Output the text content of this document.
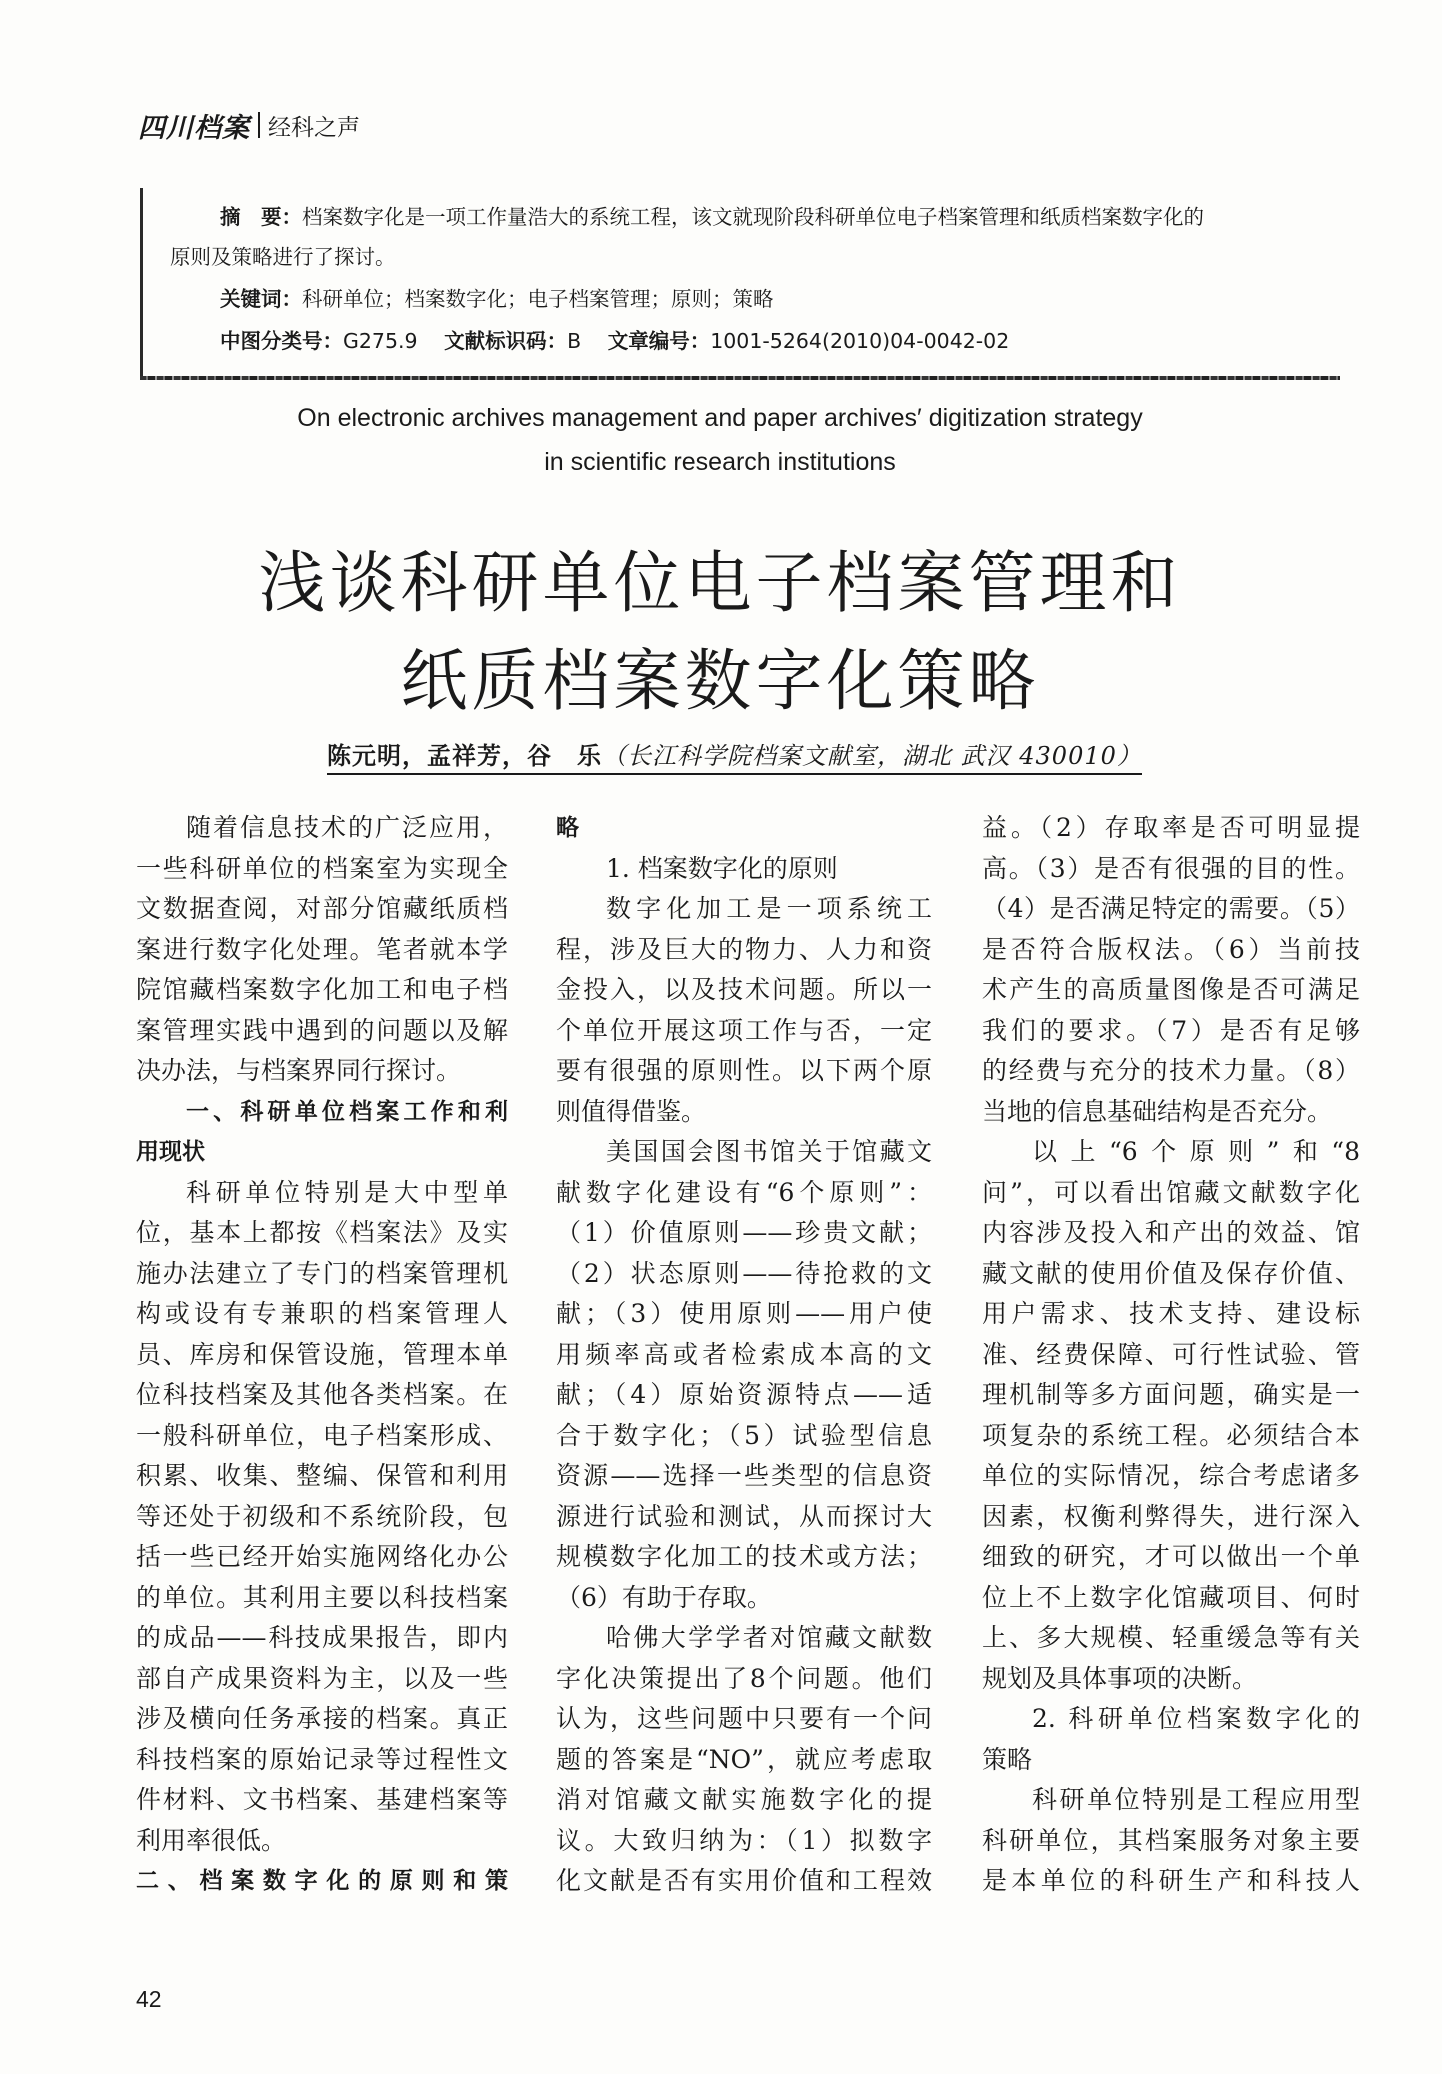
四川档案 经科之声
摘　要：档案数字化是一项工作量浩大的系统工程，该文就现阶段科研单位电子档案管理和纸质档案数字化的
原则及策略进行了探讨。
关键词：科研单位；档案数字化；电子档案管理；原则；策略
中图分类号：G275.9 文献标识码：B 文章编号：1001-5264(2010)04-0042-02
On electronic archives management and paper archives′ digitization strategy
in scientific research institutions
浅谈科研单位电子档案管理和
纸质档案数字化策略
陈元明，孟祥芳，谷　乐（长江科学院档案文献室，湖北 武汉 430010）
随着信息技术的广泛应用，
一些科研单位的档案室为实现全
文数据查阅，对部分馆藏纸质档
案进行数字化处理。笔者就本学
院馆藏档案数字化加工和电子档
案管理实践中遇到的问题以及解
决办法，与档案界同行探讨。
一、科研单位档案工作和利
用现状
科研单位特别是大中型单
位，基本上都按《档案法》及实
施办法建立了专门的档案管理机
构或设有专兼职的档案管理人
员、库房和保管设施，管理本单
位科技档案及其他各类档案。在
一般科研单位，电子档案形成、
积累、收集、整编、保管和利用
等还处于初级和不系统阶段，包
括一些已经开始实施网络化办公
的单位。其利用主要以科技档案
的成品——科技成果报告，即内
部自产成果资料为主，以及一些
涉及横向任务承接的档案。真正
科技档案的原始记录等过程性文
件材料、文书档案、基建档案等
利用率很低。
二、档案数字化的原则和策
略
1. 档案数字化的原则
数字化加工是一项系统工
程，涉及巨大的物力、人力和资
金投入，以及技术问题。所以一
个单位开展这项工作与否，一定
要有很强的原则性。以下两个原
则值得借鉴。
美国国会图书馆关于馆藏文
献数字化建设有“6个原则”：
（1）价值原则——珍贵文献；
（2）状态原则——待抢救的文
献；（3）使用原则——用户使
用频率高或者检索成本高的文
献；（4）原始资源特点——适
合于数字化；（5）试验型信息
资源——选择一些类型的信息资
源进行试验和测试，从而探讨大
规模数字化加工的技术或方法；
（6）有助于存取。
哈佛大学学者对馆藏文献数
字化决策提出了8个问题。他们
认为，这些问题中只要有一个问
题的答案是“NO”，就应考虑取
消对馆藏文献实施数字化的提
议。大致归纳为：（1）拟数字
化文献是否有实用价值和工程效
益。（2）存取率是否可明显提
高。（3）是否有很强的目的性。
（4）是否满足特定的需要。（5）
是否符合版权法。（6）当前技
术产生的高质量图像是否可满足
我们的要求。（7）是否有足够
的经费与充分的技术力量。（8）
当地的信息基础结构是否充分。
以上“6个原则”和“8
问”，可以看出馆藏文献数字化
内容涉及投入和产出的效益、馆
藏文献的使用价值及保存价值、
用户需求、技术支持、建设标
准、经费保障、可行性试验、管
理机制等多方面问题，确实是一
项复杂的系统工程。必须结合本
单位的实际情况，综合考虑诸多
因素，权衡利弊得失，进行深入
细致的研究，才可以做出一个单
位上不上数字化馆藏项目、何时
上、多大规模、轻重缓急等有关
规划及具体事项的决断。
2. 科研单位档案数字化的
策略
科研单位特别是工程应用型
科研单位，其档案服务对象主要
是本单位的科研生产和科技人
42
